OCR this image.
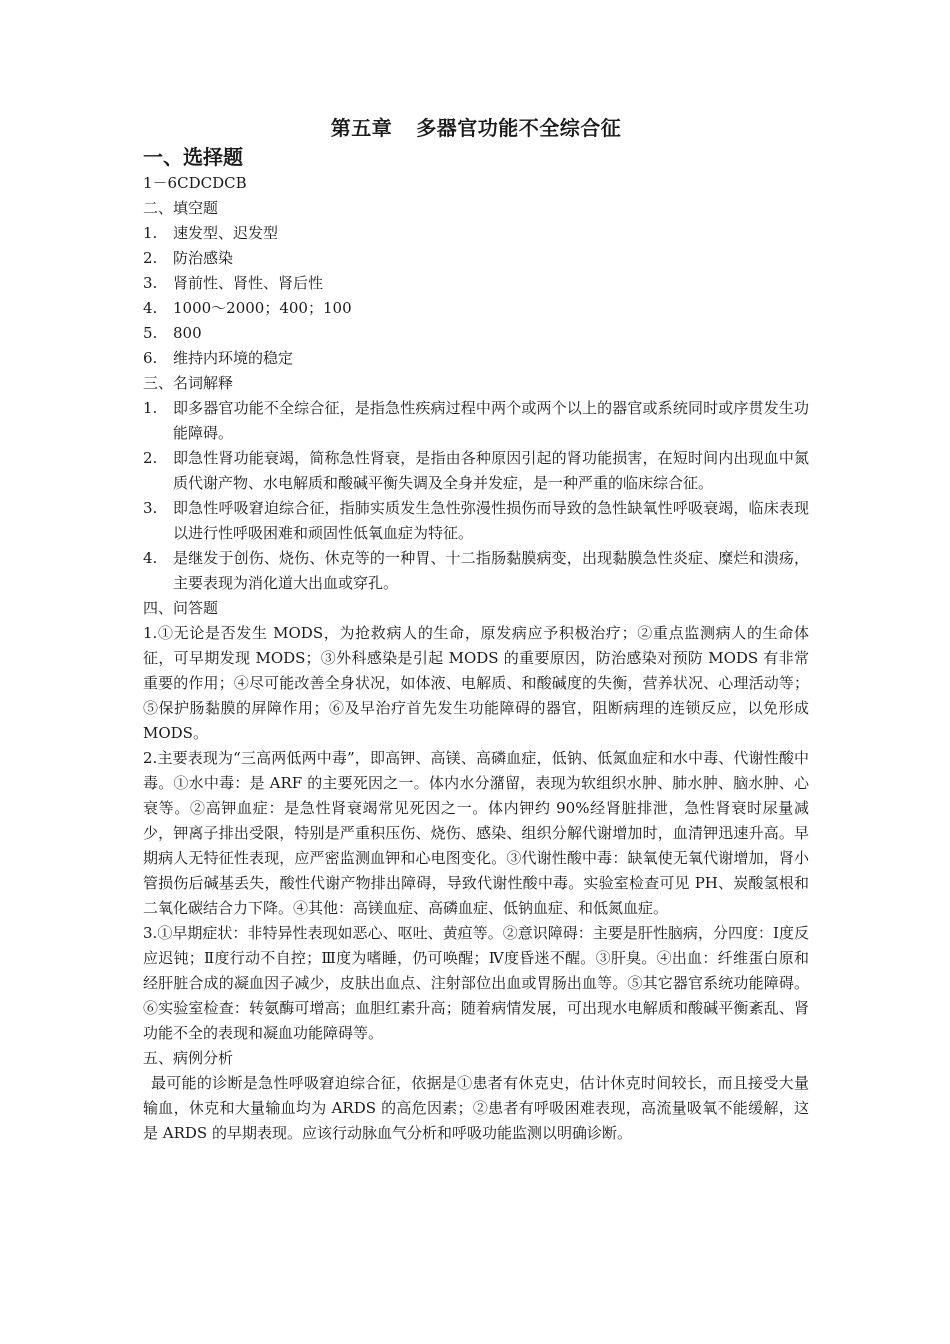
第五章 多器官功能不全综合征
一、选择题

1－6CDCDCB

二、填空题

1. 速发型、迟发型
2. 防治感染
3. 肾前性、肾性、肾后性
4. 1000～2000；400；100
5. 800
6. 维持内环境的稳定

三、名词解释

1. 即多器官功能不全综合征，是指急性疾病过程中两个或两个以上的器官或系统同时或序贯发生功能障碍。
2. 即急性肾功能衰竭，简称急性肾衰，是指由各种原因引起的肾功能损害，在短时间内出现血中氮质代谢产物、水电解质和酸碱平衡失调及全身并发症，是一种严重的临床综合征。
3. 即急性呼吸窘迫综合征，指肺实质发生急性弥漫性损伤而导致的急性缺氧性呼吸衰竭，临床表现以进行性呼吸困难和顽固性低氧血症为特征。
4. 是继发于创伤、烧伤、休克等的一种胃、十二指肠黏膜病变，出现黏膜急性炎症、糜烂和溃疡，主要表现为消化道大出血或穿孔。

四、问答题

1.①无论是否发生 MODS，为抢救病人的生命，原发病应予积极治疗；②重点监测病人的生命体征，可早期发现 MODS；③外科感染是引起 MODS 的重要原因，防治感染对预防 MODS 有非常重要的作用；④尽可能改善全身状况，如体液、电解质、和酸碱度的失衡，营养状况、心理活动等；⑤保护肠黏膜的屏障作用；⑥及早治疗首先发生功能障碍的器官，阻断病理的连锁反应，以免形成 MODS。

2.主要表现为“三高两低两中毒”，即高钾、高镁、高磷血症，低钠、低氮血症和水中毒、代谢性酸中毒。①水中毒：是 ARF 的主要死因之一。体内水分潴留，表现为软组织水肿、肺水肿、脑水肿、心衰等。②高钾血症：是急性肾衰竭常见死因之一。体内钾约 90%经肾脏排泄，急性肾衰时尿量减少，钾离子排出受限，特别是严重积压伤、烧伤、感染、组织分解代谢增加时，血清钾迅速升高。早期病人无特征性表现，应严密监测血钾和心电图变化。③代谢性酸中毒：缺氧使无氧代谢增加，肾小管损伤后碱基丢失，酸性代谢产物排出障碍，导致代谢性酸中毒。实验室检查可见 PH、炭酸氢根和二氧化碳结合力下降。④其他：高镁血症、高磷血症、低钠血症、和低氮血症。

3.①早期症状：非特异性表现如恶心、呕吐、黄疸等。②意识障碍：主要是肝性脑病，分四度：Ⅰ度反应迟钝；Ⅱ度行动不自控；Ⅲ度为嗜睡，仍可唤醒；Ⅳ度昏迷不醒。③肝臭。④出血：纤维蛋白原和经肝脏合成的凝血因子减少，皮肤出血点、注射部位出血或胃肠出血等。⑤其它器官系统功能障碍。⑥实验室检查：转氨酶可增高；血胆红素升高；随着病情发展，可出现水电解质和酸碱平衡紊乱、肾功能不全的表现和凝血功能障碍等。

五、病例分析

最可能的诊断是急性呼吸窘迫综合征，依据是①患者有休克史，估计休克时间较长，而且接受大量输血，休克和大量输血均为 ARDS 的高危因素；②患者有呼吸困难表现，高流量吸氧不能缓解，这是 ARDS 的早期表现。应该行动脉血气分析和呼吸功能监测以明确诊断。
